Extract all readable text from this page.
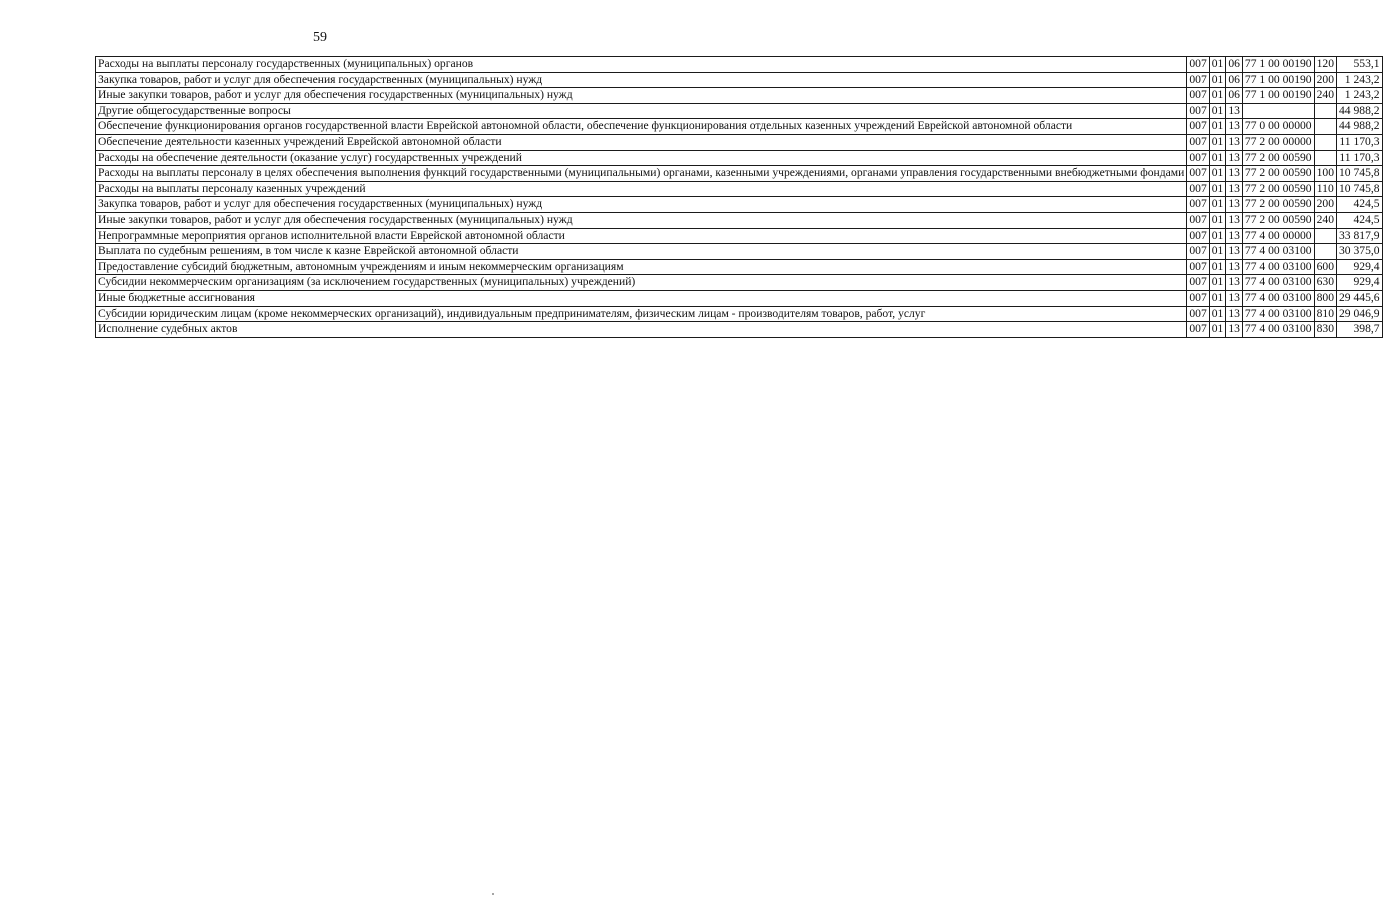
59
Расходы на выплаты персоналу государственных (муниципальных) органов	007	01	06	77 1 00 00190	120	553,1

Закупка товаров, работ и услуг для обеспечения государственных (муниципальных) нужд	007	01	06	77 1 00 00190	200	1 243,2

Иные закупки товаров, работ и услуг для обеспечения государственных (муниципальных) нужд	007	01	06	77 1 00 00190	240	1 243,2

Другие общегосударственные вопросы	007	01	13			44 988,2

Обеспечение функционирования органов государственной власти Еврейской автономной области, обеспечение функционирования отдельных казенных учреждений Еврейской автономной области	007	01	13	77 0 00 00000		44 988,2

Обеспечение деятельности казенных учреждений Еврейской автономной области	007	01	13	77 2 00 00000		11 170,3

Расходы на обеспечение деятельности (оказание услуг) государственных учреждений	007	01	13	77 2 00 00590		11 170,3

Расходы на выплаты персоналу в целях обеспечения выполнения функций государственными (муниципальными) органами, казенными учреждениями, органами управления государственными внебюджетными фондами	007	01	13	77 2 00 00590	100	10 745,8

Расходы на выплаты персоналу казенных учреждений	007	01	13	77 2 00 00590	110	10 745,8

Закупка товаров, работ и услуг для обеспечения государственных (муниципальных) нужд	007	01	13	77 2 00 00590	200	424,5

Иные закупки товаров, работ и услуг для обеспечения государственных (муниципальных) нужд	007	01	13	77 2 00 00590	240	424,5

Непрограммные мероприятия органов исполнительной власти Еврейской автономной области	007	01	13	77 4 00 00000		33 817,9

Выплата по судебным решениям, в том числе к казне Еврейской автономной области	007	01	13	77 4 00 03100		30 375,0

Предоставление субсидий бюджетным, автономным учреждениям и иным некоммерческим организациям	007	01	13	77 4 00 03100	600	929,4

Субсидии некоммерческим организациям (за исключением государственных (муниципальных) учреждений)	007	01	13	77 4 00 03100	630	929,4

Иные бюджетные ассигнования	007	01	13	77 4 00 03100	800	29 445,6

Субсидии юридическим лицам (кроме некоммерческих организаций), индивидуальным предпринимателям, физическим лицам - производителям товаров, работ, услуг	007	01	13	77 4 00 03100	810	29 046,9

Исполнение судебных актов	007	01	13	77 4 00 03100	830	398,7
